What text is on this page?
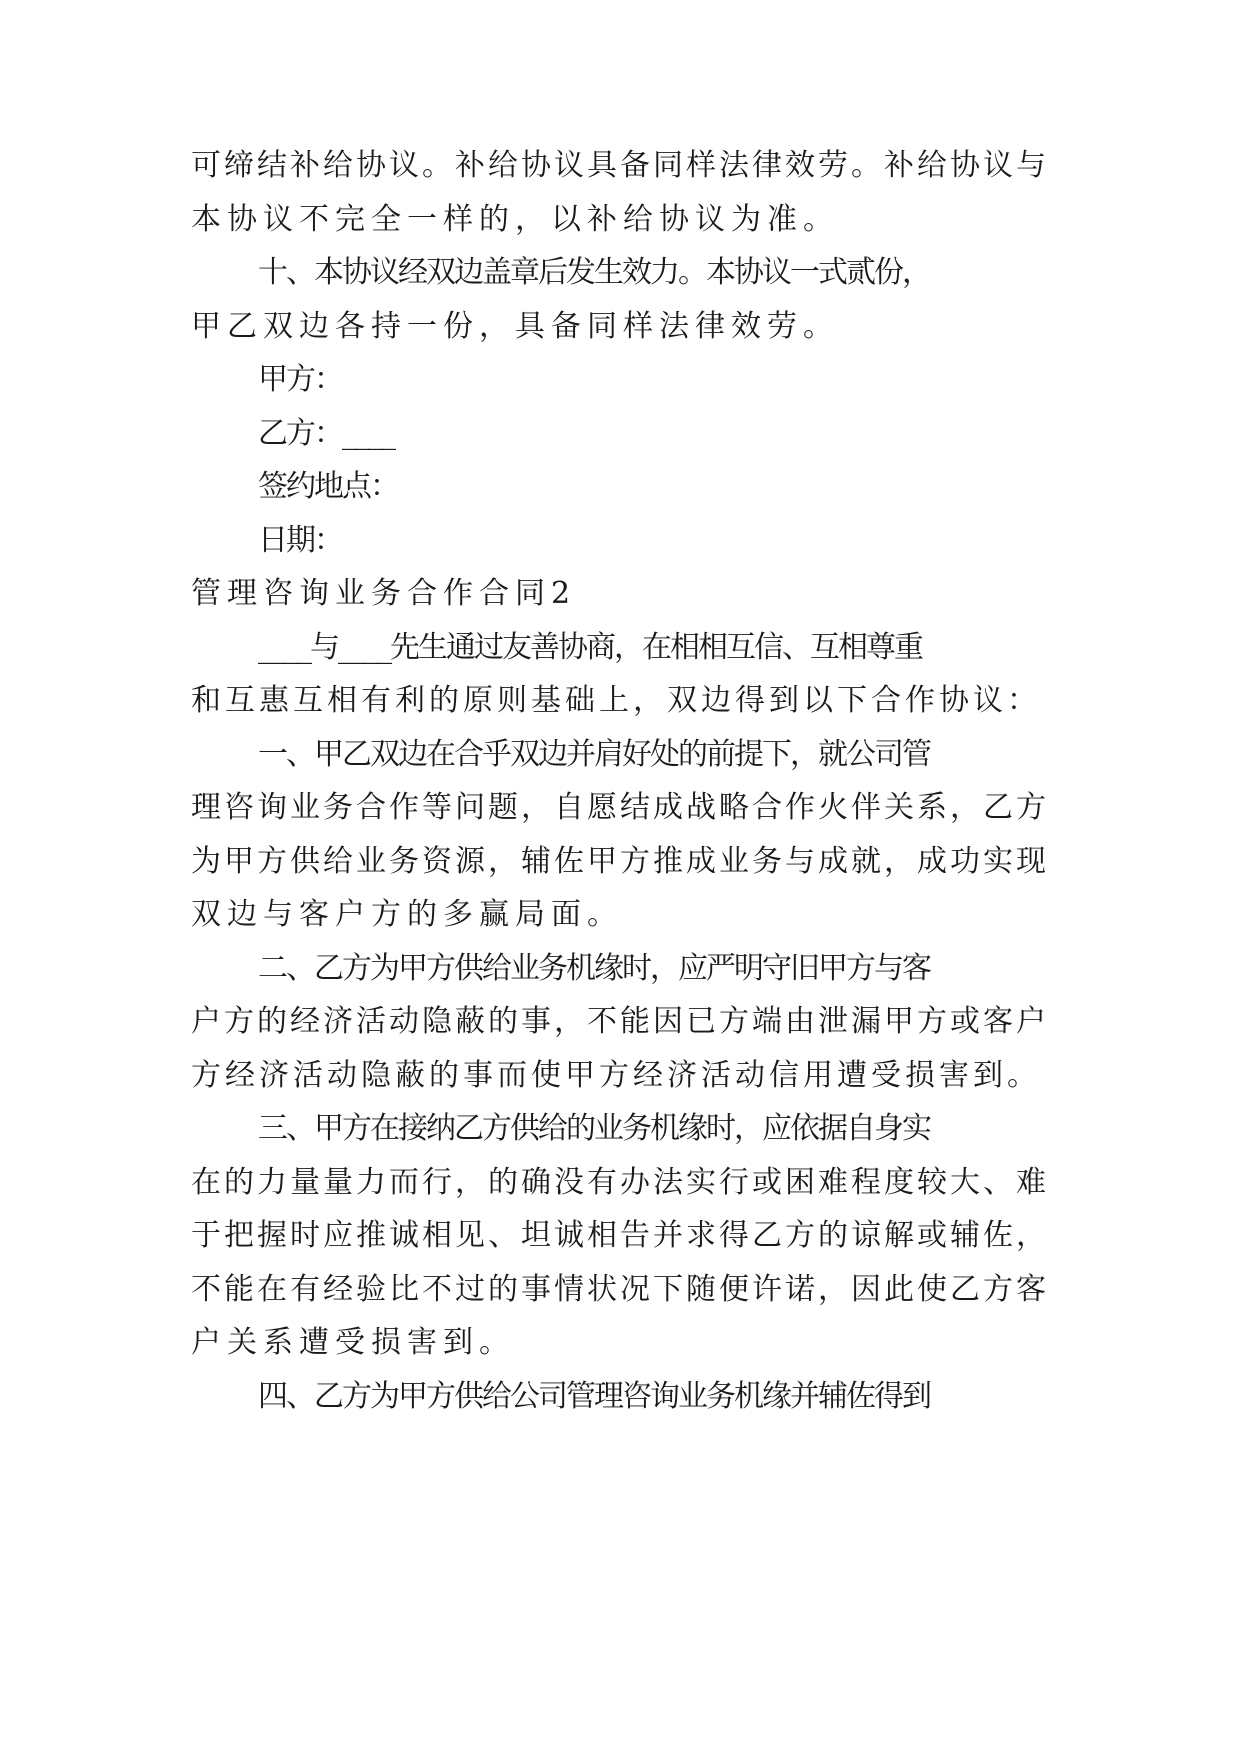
可缔结补给协议。补给协议具备同样法律效劳。补给协议与
本协议不完全一样的，以补给协议为准。
十、本协议经双边盖章后发生效力。本协议一式贰份，
甲乙双边各持一份，具备同样法律效劳。
甲方：
乙方：____
签约地点：
日期：
管理咨询业务合作合同2
____与____先生通过友善协商，在相相互信、互相尊重
和互惠互相有利的原则基础上，双边得到以下合作协议：
一、甲乙双边在合乎双边并肩好处的前提下，就公司管
理咨询业务合作等问题，自愿结成战略合作火伴关系，乙方
为甲方供给业务资源，辅佐甲方推成业务与成就，成功实现
双边与客户方的多赢局面。
二、乙方为甲方供给业务机缘时，应严明守旧甲方与客
户方的经济活动隐蔽的事，不能因已方端由泄漏甲方或客户
方经济活动隐蔽的事而使甲方经济活动信用遭受损害到。
三、甲方在接纳乙方供给的业务机缘时，应依据自身实
在的力量量力而行，的确没有办法实行或困难程度较大、难
于把握时应推诚相见、坦诚相告并求得乙方的谅解或辅佐，
不能在有经验比不过的事情状况下随便许诺，因此使乙方客
户关系遭受损害到。
四、乙方为甲方供给公司管理咨询业务机缘并辅佐得到
